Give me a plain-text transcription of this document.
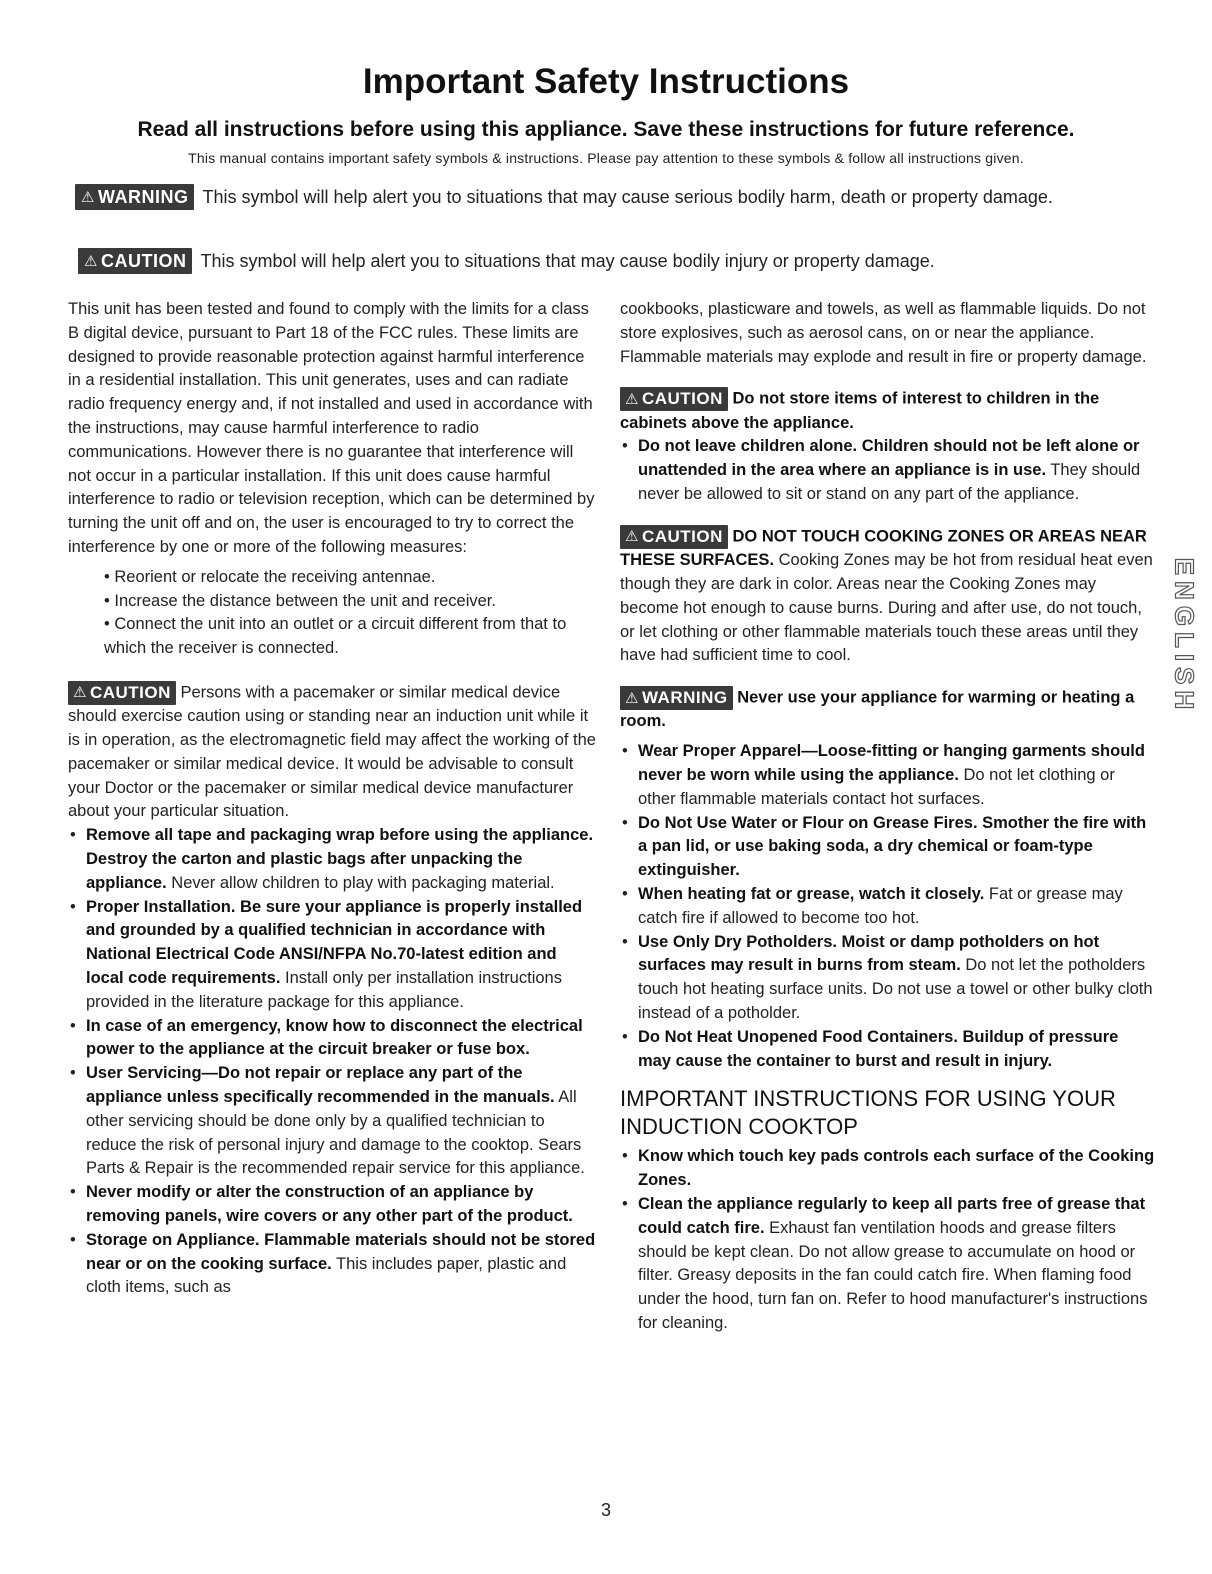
Important Safety Instructions
Read all instructions before using this appliance. Save these instructions for future reference.
This manual contains important safety symbols & instructions. Please pay attention to these symbols & follow all instructions given.
⚠ WARNING This symbol will help alert you to situations that may cause serious bodily harm, death or property damage.
⚠ CAUTION This symbol will help alert you to situations that may cause bodily injury or property damage.

This unit has been tested and found to comply with the limits for a class B digital device, pursuant to Part 18 of the FCC rules. These limits are designed to provide reasonable protection against harmful interference in a residential installation. This unit generates, uses and can radiate radio frequency energy and, if not installed and used in accordance with the instructions, may cause harmful interference to radio communications. However there is no guarantee that interference will not occur in a particular installation. If this unit does cause harmful interference to radio or television reception, which can be determined by turning the unit off and on, the user is encouraged to try to correct the interference by one or more of the following measures:

• Reorient or relocate the receiving antennae.
• Increase the distance between the unit and receiver.
• Connect the unit into an outlet or a circuit different from that to which the receiver is connected.

⚠ CAUTION Persons with a pacemaker or similar medical device should exercise caution using or standing near an induction unit while it is in operation, as the electromagnetic field may affect the working of the pacemaker or similar medical device. It would be advisable to consult your Doctor or the pacemaker or similar medical device manufacturer about your particular situation.

• Remove all tape and packaging wrap before using the appliance. Destroy the carton and plastic bags after unpacking the appliance. Never allow children to play with packaging material.
• Proper Installation. Be sure your appliance is properly installed and grounded by a qualified technician in accordance with National Electrical Code ANSI/NFPA No.70-latest edition and local code requirements. Install only per installation instructions provided in the literature package for this appliance.
• In case of an emergency, know how to disconnect the electrical power to the appliance at the circuit breaker or fuse box.
• User Servicing—Do not repair or replace any part of the appliance unless specifically recommended in the manuals. All other servicing should be done only by a qualified technician to reduce the risk of personal injury and damage to the cooktop. Sears Parts & Repair is the recommended repair service for this appliance.
• Never modify or alter the construction of an appliance by removing panels, wire covers or any other part of the product.
• Storage on Appliance. Flammable materials should not be stored near or on the cooking surface. This includes paper, plastic and cloth items, such as

cookbooks, plasticware and towels, as well as flammable liquids. Do not store explosives, such as aerosol cans, on or near the appliance. Flammable materials may explode and result in fire or property damage.

⚠ CAUTION Do not store items of interest to children in the cabinets above the appliance.

• Do not leave children alone. Children should not be left alone or unattended in the area where an appliance is in use. They should never be allowed to sit or stand on any part of the appliance.

⚠ CAUTION DO NOT TOUCH COOKING ZONES OR AREAS NEAR THESE SURFACES. Cooking Zones may be hot from residual heat even though they are dark in color. Areas near the Cooking Zones may become hot enough to cause burns. During and after use, do not touch, or let clothing or other flammable materials touch these areas until they have had sufficient time to cool.

⚠ WARNING Never use your appliance for warming or heating a room.

• Wear Proper Apparel—Loose-fitting or hanging garments should never be worn while using the appliance. Do not let clothing or other flammable materials contact hot surfaces.
• Do Not Use Water or Flour on Grease Fires. Smother the fire with a pan lid, or use baking soda, a dry chemical or foam-type extinguisher.
• When heating fat or grease, watch it closely. Fat or grease may catch fire if allowed to become too hot.
• Use Only Dry Potholders. Moist or damp potholders on hot surfaces may result in burns from steam. Do not let the potholders touch hot heating surface units. Do not use a towel or other bulky cloth instead of a potholder.
• Do Not Heat Unopened Food Containers. Buildup of pressure may cause the container to burst and result in injury.
IMPORTANT INSTRUCTIONS FOR USING YOUR INDUCTION COOKTOP
• Know which touch key pads controls each surface of the Cooking Zones.
• Clean the appliance regularly to keep all parts free of grease that could catch fire. Exhaust fan ventilation hoods and grease filters should be kept clean. Do not allow grease to accumulate on hood or filter. Greasy deposits in the fan could catch fire. When flaming food under the hood, turn fan on. Refer to hood manufacturer's instructions for cleaning.
ENGLISH
3
